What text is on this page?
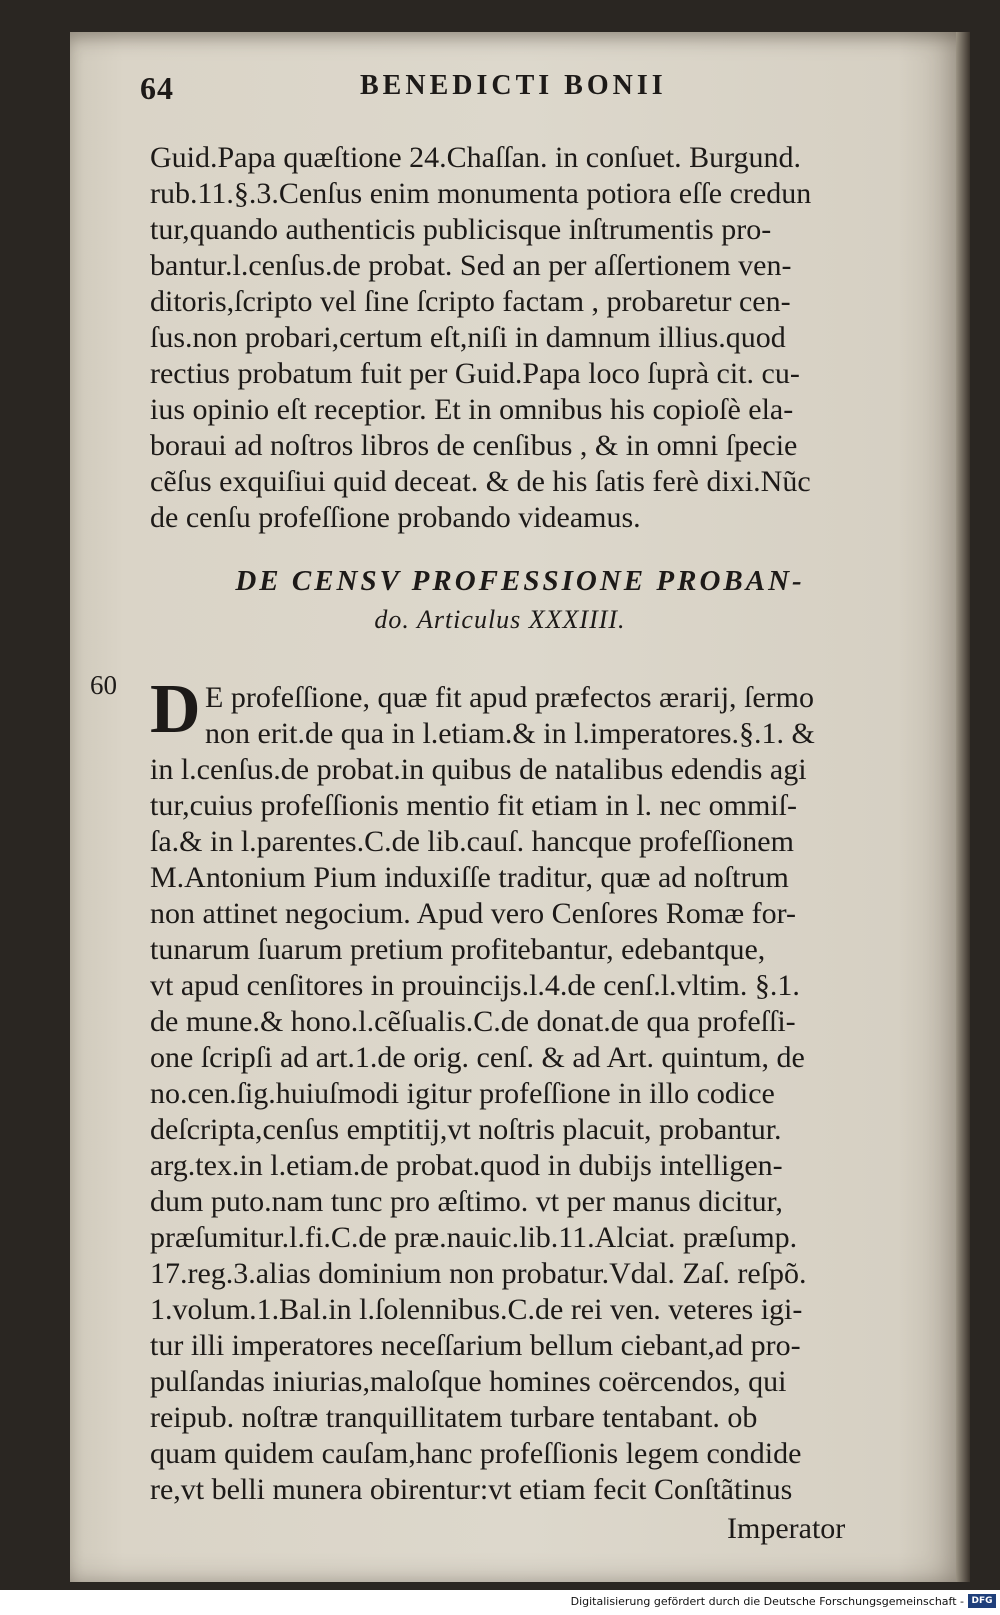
64	BENEDICTI BONII
Guid.Papa quæſtione 24.Chaſſan. in conſuet. Burgund.
rub.11.§.3.Cenſus enim monumenta potiora eſſe credun
tur,quando authenticis publicisque inſtrumentis pro-
bantur.l.cenſus.de probat. Sed an per aſſertionem ven-
ditoris,ſcripto vel ſine ſcripto factam , probaretur cen-
ſus.non probari,certum eſt,niſi in damnum illius.quod
rectius probatum fuit per Guid.Papa loco ſuprà cit. cu-
ius opinio eſt receptior. Et in omnibus his copioſè ela-
boraui ad noſtros libros de cenſibus , & in omni ſpecie
cẽſus exquiſiui quid deceat. & de his ſatis ferè dixi.Nũc
de cenſu profeſſione probando videamus.
DE CENSV PROFESSIONE PROBAN-
do. Articulus XXXIIII.
60 D E profeſſione, quæ fit apud præfectos ærarij, ſermo
non erit.de qua in l.etiam.& in l.imperatores.§.1. &
in l.cenſus.de probat.in quibus de natalibus edendis agi
tur,cuius profeſſionis mentio fit etiam in l. nec ommiſ-
ſa.& in l.parentes.C.de lib.cauſ. hancque profeſſionem
M.Antonium Pium induxiſſe traditur, quæ ad noſtrum
non attinet negocium. Apud vero Cenſores Romæ for-
tunarum ſuarum pretium profitebantur, edebantque,
vt apud cenſitores in prouincijs.l.4.de cenſ.l.vltim. §.1.
de mune.& hono.l.cẽſualis.C.de donat.de qua profeſſi-
one ſcripſi ad art.1.de orig. cenſ. & ad Art. quintum, de
no.cen.ſig.huiuſmodi igitur profeſſione in illo codice
deſcripta,cenſus emptitij,vt noſtris placuit, probantur.
arg.tex.in l.etiam.de probat.quod in dubijs intelligen-
dum puto.nam tunc pro æſtimo. vt per manus dicitur,
præſumitur.l.fi.C.de præ.nauic.lib.11.Alciat. præſump.
17.reg.3.alias dominium non probatur.Vdal. Zaſ. reſpõ.
1.volum.1.Bal.in l.ſolennibus.C.de rei ven. veteres igi-
tur illi imperatores neceſſarium bellum ciebant,ad pro-
pulſandas iniurias,maloſque homines coërcendos, qui
reipub. noſtræ tranquillitatem turbare tentabant. ob
quam quidem cauſam,hanc profeſſionis legem condide
re,vt belli munera obirentur:vt etiam fecit Conſtãtinus
Imperator
Digitalisierung gefördert durch die Deutsche Forschungsgemeinschaft - DFG
